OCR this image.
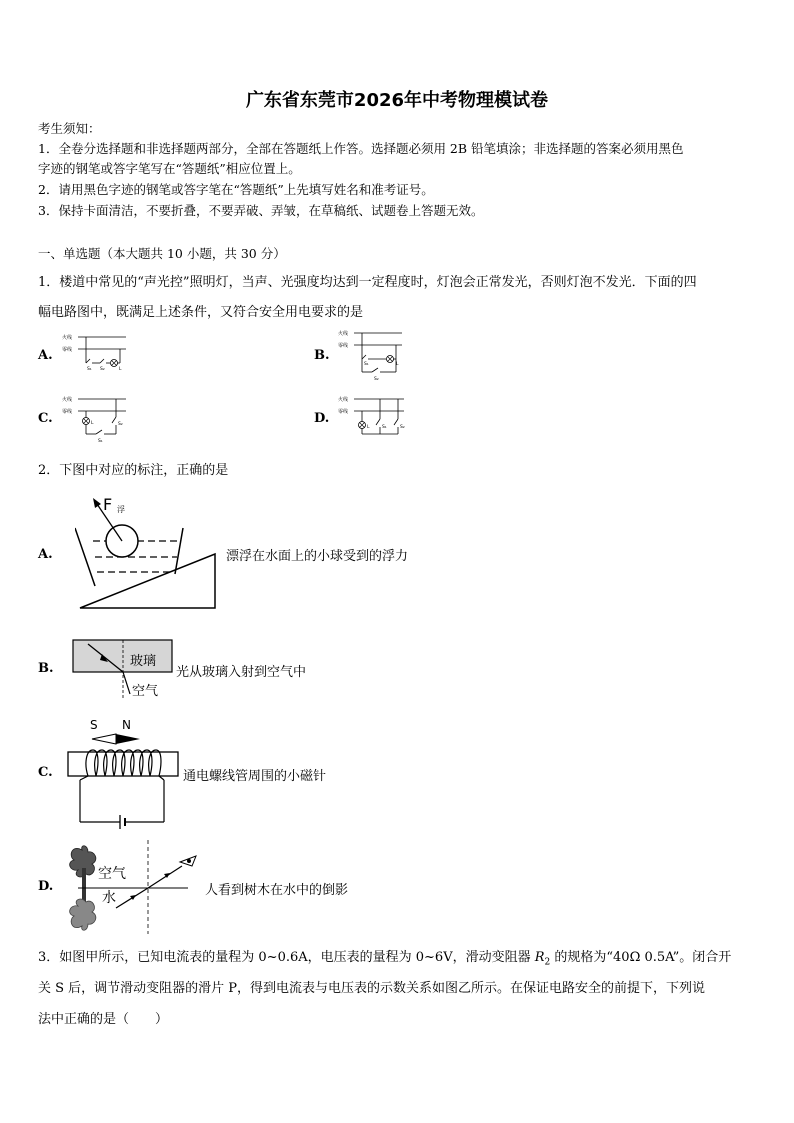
广东省东莞市2026年中考物理模试卷
考生须知：
1．全卷分选择题和非选择题两部分，全部在答题纸上作答。选择题必须用 2B 铅笔填涂；非选择题的答案必须用黑色
字迹的钢笔或答字笔写在“答题纸”相应位置上。
2．请用黑色字迹的钢笔或答字笔在“答题纸”上先填写姓名和准考证号。
3．保持卡面清洁，不要折叠，不要弄破、弄皱，在草稿纸、试题卷上答题无效。
一、单选题（本大题共 10 小题，共 30 分）
1．楼道中常见的“声光控”照明灯，当声、光强度均达到一定程度时，灯泡会正常发光，否则灯泡不发光．下面的四
幅电路图中，既满足上述条件，又符合安全用电要求的是
A.	B.
C.	D.
火线
零线
S₁ S₂	L
火线
零线
S₁	L
S₂
火线
零线
L	S₂
S₁
火线
零线
L	S₁	S₂
2．下图中对应的标注，正确的是
A.
F 浮
漂浮在水面上的小球受到的浮力
B.	玻璃
空气
光从玻璃入射到空气中
C.
S N
通电螺线管周围的小磁针
D.
空气
水	人看到树木在水中的倒影
3．如图甲所示，已知电流表的量程为 0~0.6A，电压表的量程为 0~6V，滑动变阻器 $R_2$ 的规格为“40Ω 0.5A”。闭合开
关 S 后，调节滑动变阻器的滑片 P，得到电流表与电压表的示数关系如图乙所示。在保证电路安全的前提下，下列说
法中正确的是（　　）
